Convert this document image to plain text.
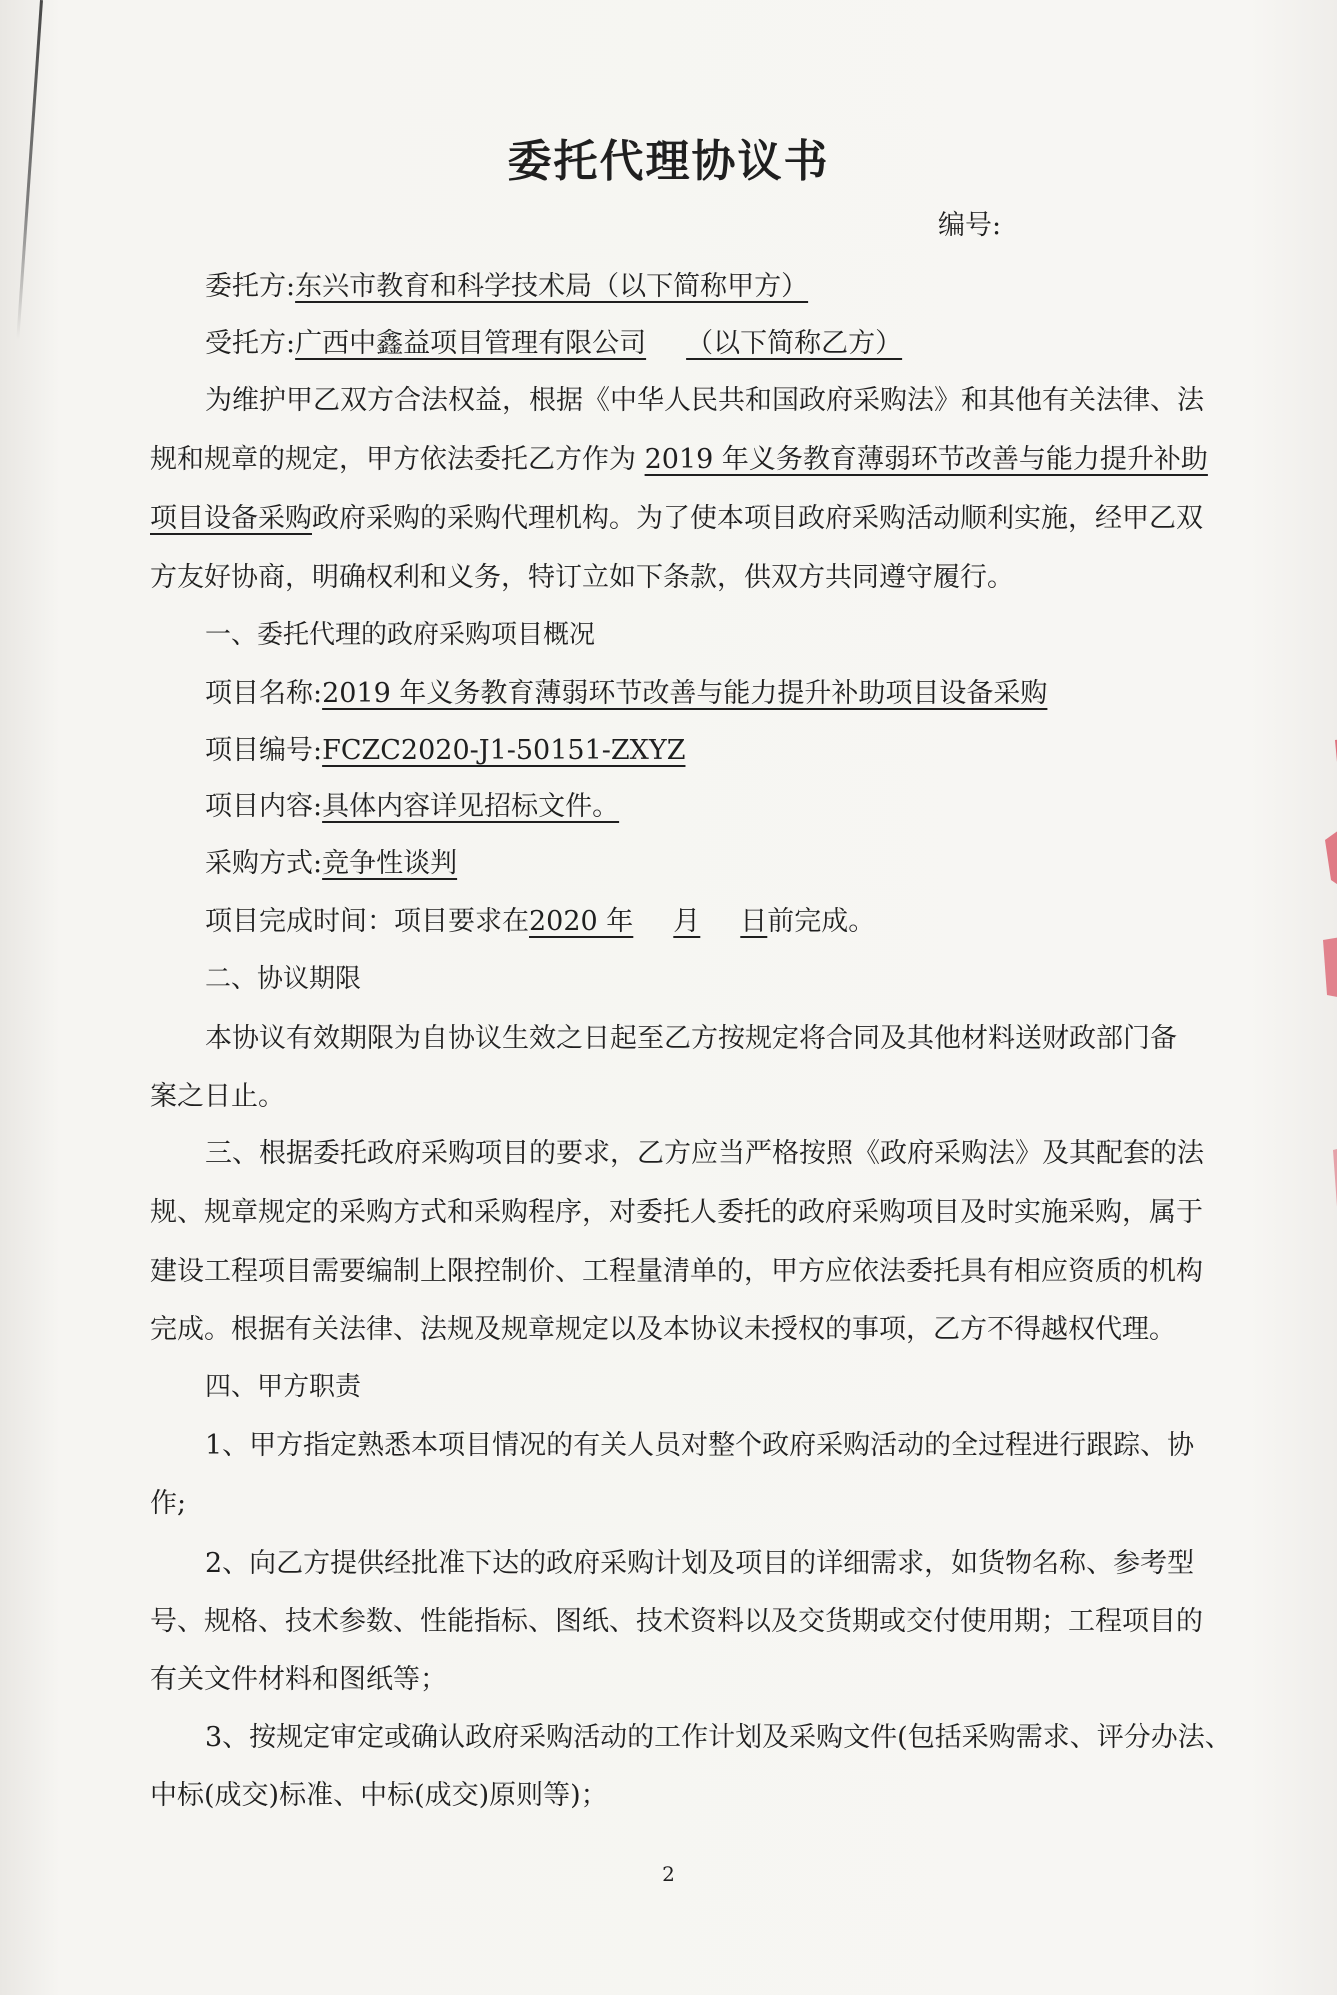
委托代理协议书
编号:
委托方:东兴市教育和科学技术局（以下简称甲方）
受托方:广西中鑫益项目管理有限公司 （以下简称乙方）
为维护甲乙双方合法权益，根据《中华人民共和国政府采购法》和其他有关法律、法
规和规章的规定，甲方依法委托乙方作为 2019 年义务教育薄弱环节改善与能力提升补助
项目设备采购政府采购的采购代理机构。为了使本项目政府采购活动顺利实施，经甲乙双
方友好协商，明确权利和义务，特订立如下条款，供双方共同遵守履行。
一、委托代理的政府采购项目概况
项目名称:2019 年义务教育薄弱环节改善与能力提升补助项目设备采购
项目编号:FCZC2020-J1-50151-ZXYZ
项目内容:具体内容详见招标文件。
采购方式:竞争性谈判
项目完成时间：项目要求在2020 年 月 日前完成。
二、协议期限
本协议有效期限为自协议生效之日起至乙方按规定将合同及其他材料送财政部门备
案之日止。
三、根据委托政府采购项目的要求，乙方应当严格按照《政府采购法》及其配套的法
规、规章规定的采购方式和采购程序，对委托人委托的政府采购项目及时实施采购，属于
建设工程项目需要编制上限控制价、工程量清单的，甲方应依法委托具有相应资质的机构
完成。根据有关法律、法规及规章规定以及本协议未授权的事项，乙方不得越权代理。
四、甲方职责
1、甲方指定熟悉本项目情况的有关人员对整个政府采购活动的全过程进行跟踪、协
作;
2、向乙方提供经批准下达的政府采购计划及项目的详细需求，如货物名称、参考型
号、规格、技术参数、性能指标、图纸、技术资料以及交货期或交付使用期；工程项目的
有关文件材料和图纸等；
3、按规定审定或确认政府采购活动的工作计划及采购文件(包括采购需求、评分办法、
中标(成交)标准、中标(成交)原则等)；
2
